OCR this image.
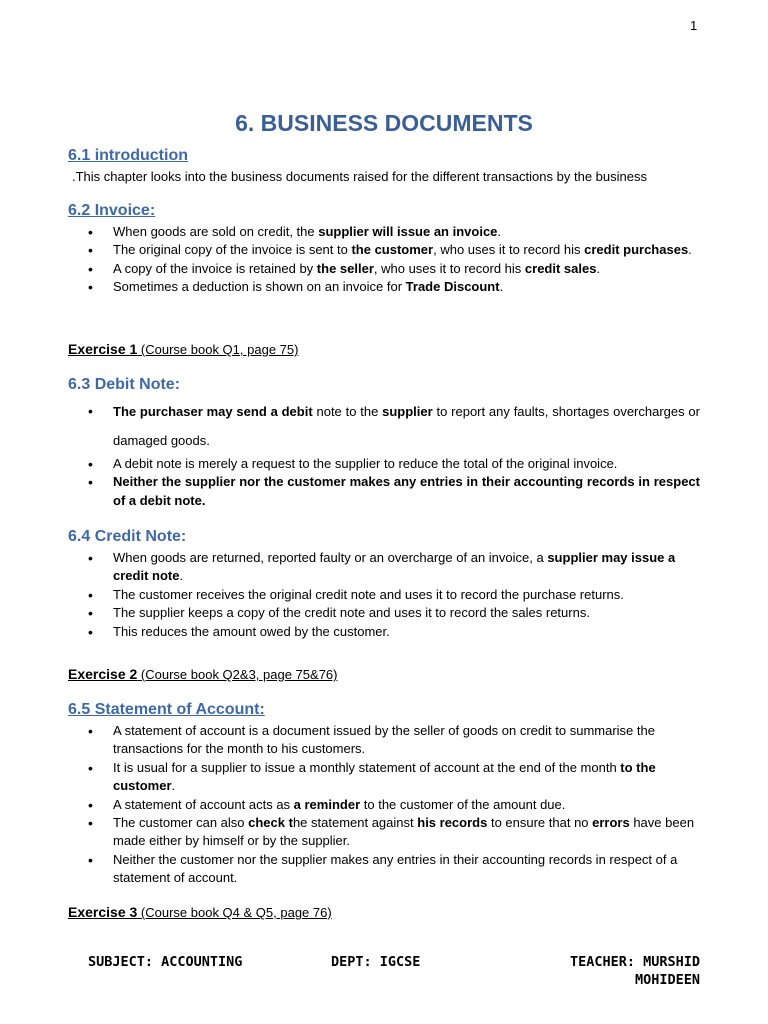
1
6. BUSINESS DOCUMENTS
6.1 introduction

.This chapter looks into the business documents raised for the different transactions by the business

6.2 Invoice:
• When goods are sold on credit, the supplier will issue an invoice.
• The original copy of the invoice is sent to the customer, who uses it to record his credit purchases.
• A copy of the invoice is retained by the seller, who uses it to record his credit sales.
• Sometimes a deduction is shown on an invoice for Trade Discount.
Exercise 1 (Course book Q1, page 75)
6.3 Debit Note:
• The purchaser may send a debit note to the supplier to report any faults, shortages overcharges or damaged goods.
• A debit note is merely a request to the supplier to reduce the total of the original invoice.
• Neither the supplier nor the customer makes any entries in their accounting records in respect of a debit note.
6.4 Credit Note:
• When goods are returned, reported faulty or an overcharge of an invoice, a supplier may issue a credit note.
• The customer receives the original credit note and uses it to record the purchase returns.
• The supplier keeps a copy of the credit note and uses it to record the sales returns.
• This reduces the amount owed by the customer.
Exercise 2 (Course book Q2&3, page 75&76)
6.5 Statement of Account:
• A statement of account is a document issued by the seller of goods on credit to summarise the transactions for the month to his customers.
• It is usual for a supplier to issue a monthly statement of account at the end of the month to the customer.
• A statement of account acts as a reminder to the customer of the amount due.
• The customer can also check the statement against his records to ensure that no errors have been made either by himself or by the supplier.
• Neither the customer nor the supplier makes any entries in their accounting records in respect of a statement of account.
Exercise 3 (Course book Q4 & Q5, page 76)
SUBJECT: ACCOUNTING	DEPT: IGCSE	TEACHER: MURSHID MOHIDEEN
